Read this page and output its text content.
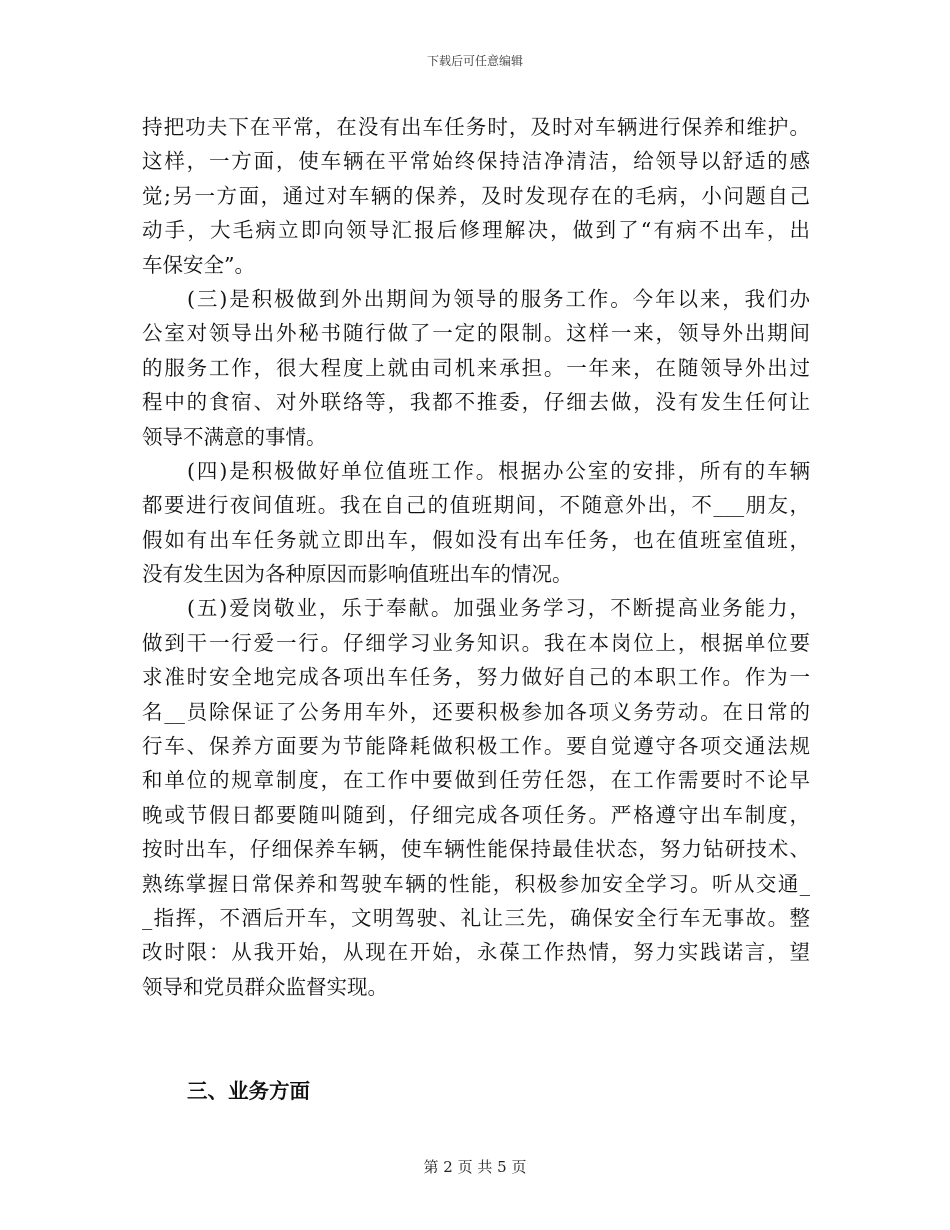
下载后可任意编辑
持把功夫下在平常，在没有出车任务时，及时对车辆进行保养和维护。
这样，一方面，使车辆在平常始终保持洁净清洁，给领导以舒适的感
觉;另一方面，通过对车辆的保养，及时发现存在的毛病，小问题自己
动手，大毛病立即向领导汇报后修理解决，做到了“有病不出车，出
车保安全”。
(三)是积极做到外出期间为领导的服务工作。今年以来，我们办
公室对领导出外秘书随行做了一定的限制。这样一来，领导外出期间
的服务工作，很大程度上就由司机来承担。一年来，在随领导外出过
程中的食宿、对外联络等，我都不推委，仔细去做，没有发生任何让
领导不满意的事情。
(四)是积极做好单位值班工作。根据办公室的安排，所有的车辆
都要进行夜间值班。我在自己的值班期间，不随意外出，不___朋友，
假如有出车任务就立即出车，假如没有出车任务，也在值班室值班，
没有发生因为各种原因而影响值班出车的情况。
(五)爱岗敬业，乐于奉献。加强业务学习，不断提高业务能力，
做到干一行爱一行。仔细学习业务知识。我在本岗位上，根据单位要
求准时安全地完成各项出车任务，努力做好自己的本职工作。作为一
名__员除保证了公务用车外，还要积极参加各项义务劳动。在日常的
行车、保养方面要为节能降耗做积极工作。要自觉遵守各项交通法规
和单位的规章制度，在工作中要做到任劳任怨，在工作需要时不论早
晚或节假日都要随叫随到，仔细完成各项任务。严格遵守出车制度，
按时出车，仔细保养车辆，使车辆性能保持最佳状态，努力钻研技术、
熟练掌握日常保养和驾驶车辆的性能，积极参加安全学习。听从交通_
_指挥，不酒后开车，文明驾驶、礼让三先，确保安全行车无事故。整
改时限：从我开始，从现在开始，永葆工作热情，努力实践诺言，望
领导和党员群众监督实现。
三、业务方面
第 2 页 共 5 页
